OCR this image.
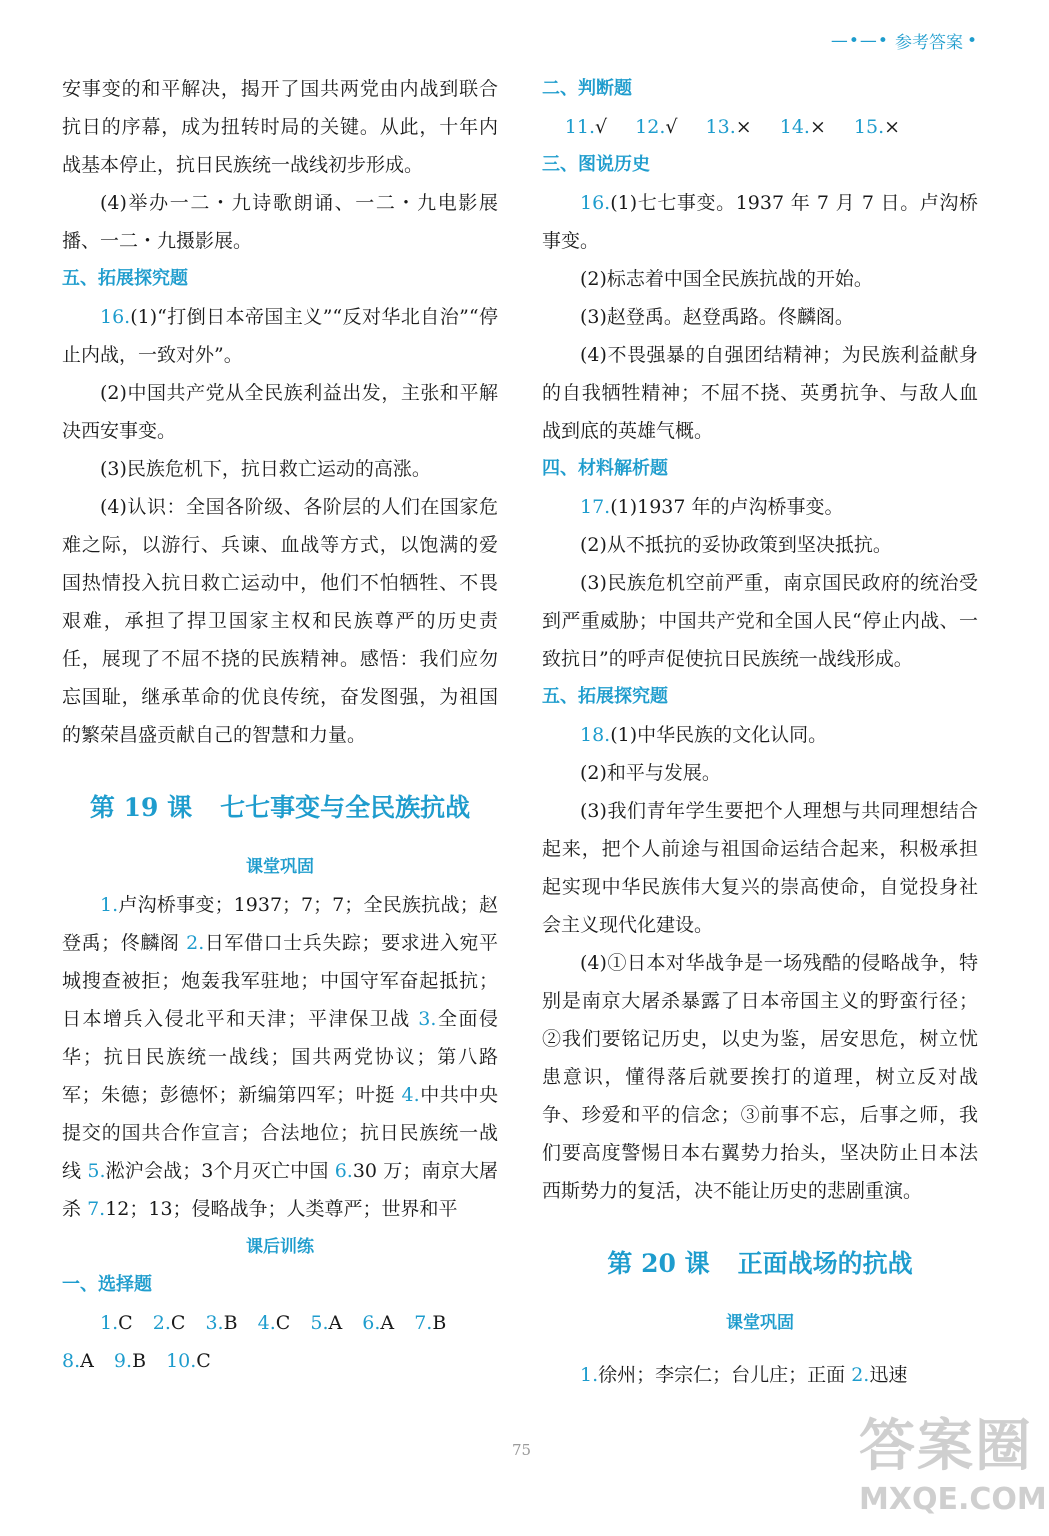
—•—• 参考答案 •

安事变的和平解决，揭开了国共两党由内战到联合抗日的序幕，成为扭转时局的关键。从此，十年内战基本停止，抗日民族统一战线初步形成。

(4)举办一二・九诗歌朗诵、一二・九电影展播、一二・九摄影展。

五、拓展探究题

16.(1)“打倒日本帝国主义”“反对华北自治”“停止内战，一致对外”。

(2)中国共产党从全民族利益出发，主张和平解决西安事变。

(3)民族危机下，抗日救亡运动的高涨。

(4)认识：全国各阶级、各阶层的人们在国家危难之际，以游行、兵谏、血战等方式，以饱满的爱国热情投入抗日救亡运动中，他们不怕牺牲、不畏艰难，承担了捍卫国家主权和民族尊严的历史责任，展现了不屈不挠的民族精神。感悟：我们应勿忘国耻，继承革命的优良传统，奋发图强，为祖国的繁荣昌盛贡献自己的智慧和力量。

第 19 课 七七事变与全民族抗战

课堂巩固

1.卢沟桥事变；1937；7；7；全民族抗战；赵登禹；佟麟阁 2.日军借口士兵失踪；要求进入宛平城搜查被拒；炮轰我军驻地；中国守军奋起抵抗；日本增兵入侵北平和天津；平津保卫战 3.全面侵华；抗日民族统一战线；国共两党协议；第八路军；朱德；彭德怀；新编第四军；叶挺 4.中共中央提交的国共合作宣言；合法地位；抗日民族统一战线 5.淞沪会战；3个月灭亡中国 6.30 万；南京大屠杀 7.12；13；侵略战争；人类尊严；世界和平

课后训练

一、选择题

1.C 2.C 3.B 4.C 5.A 6.A 7.B

8.A 9.B 10.C

二、判断题

11.√ 12.√ 13.× 14.× 15.×

三、图说历史

16.(1)七七事变。1937 年 7 月 7 日。卢沟桥事变。

(2)标志着中国全民族抗战的开始。

(3)赵登禹。赵登禹路。佟麟阁。

(4)不畏强暴的自强团结精神；为民族利益献身的自我牺牲精神；不屈不挠、英勇抗争、与敌人血战到底的英雄气概。

四、材料解析题

17.(1)1937 年的卢沟桥事变。

(2)从不抵抗的妥协政策到坚决抵抗。

(3)民族危机空前严重，南京国民政府的统治受到严重威胁；中国共产党和全国人民“停止内战、一致抗日”的呼声促使抗日民族统一战线形成。

五、拓展探究题

18.(1)中华民族的文化认同。

(2)和平与发展。

(3)我们青年学生要把个人理想与共同理想结合起来，把个人前途与祖国命运结合起来，积极承担起实现中华民族伟大复兴的崇高使命，自觉投身社会主义现代化建设。

(4)①日本对华战争是一场残酷的侵略战争，特别是南京大屠杀暴露了日本帝国主义的野蛮行径；②我们要铭记历史，以史为鉴，居安思危，树立忧患意识，懂得落后就要挨打的道理，树立反对战争、珍爱和平的信念；③前事不忘，后事之师，我们要高度警惕日本右翼势力抬头，坚决防止日本法西斯势力的复活，决不能让历史的悲剧重演。

第 20 课 正面战场的抗战

课堂巩固

1.徐州；李宗仁；台儿庄；正面 2.迅速

75	答案圈
MXQE.COM
